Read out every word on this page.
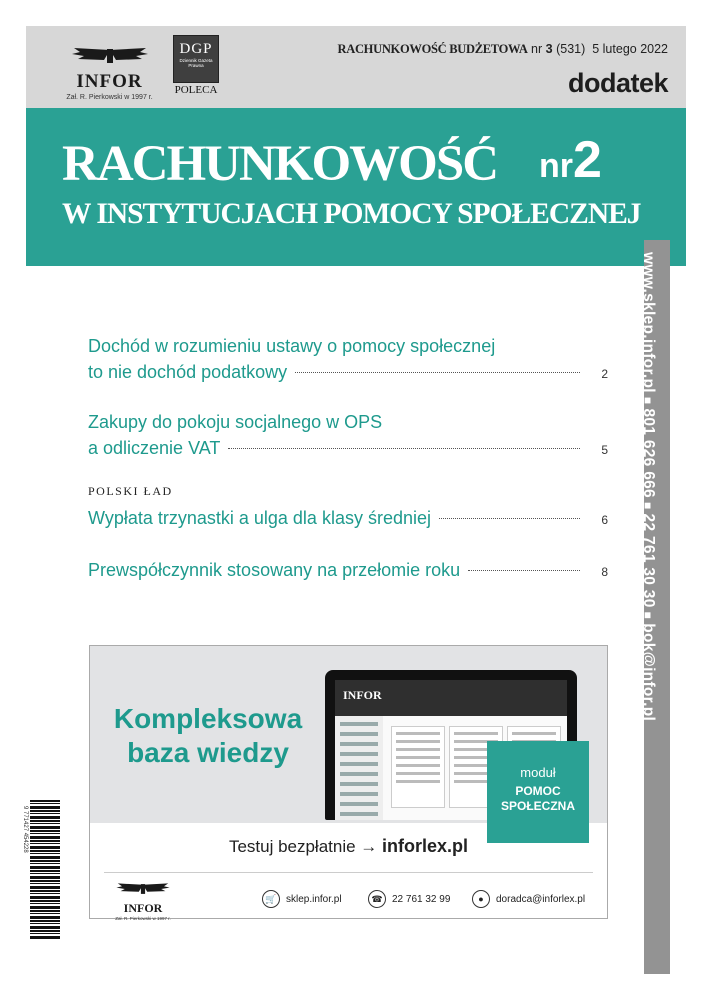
INFOR
Zał. R. Pierkowski w 1997 r.
DGP
Dziennik Gazeta Prawna
POLECA
RACHUNKOWOŚĆ BUDŻETOWA nr 3 (531) 5 lutego 2022
dodatek
RACHUNKOWOŚĆ nr2
W INSTYTUCJACH POMOCY SPOŁECZNEJ
www.sklep.infor.pl■801 626 666■22 761 30 30■bok@infor.pl
Dochód w rozumieniu ustawy o pomocy społecznej
to nie dochód podatkowy	2
Zakupy do pokoju socjalnego w OPS
a odliczenie VAT	5
POLSKI ŁAD
Wypłata trzynastki a ulga dla klasy średniej	6
Prewspółczynnik stosowany na przełomie roku	8
Kompleksowa
baza wiedzy
INFOR
moduł
POMOC
SPOŁECZNA
Testuj bezpłatnie → inforlex.pl
INFOR
Zał. R. Pierkowski w 1997 r.
🛒 sklep.infor.pl	☎ 22 761 32 99	●	doradca@inforlex.pl
9 771427 454228
